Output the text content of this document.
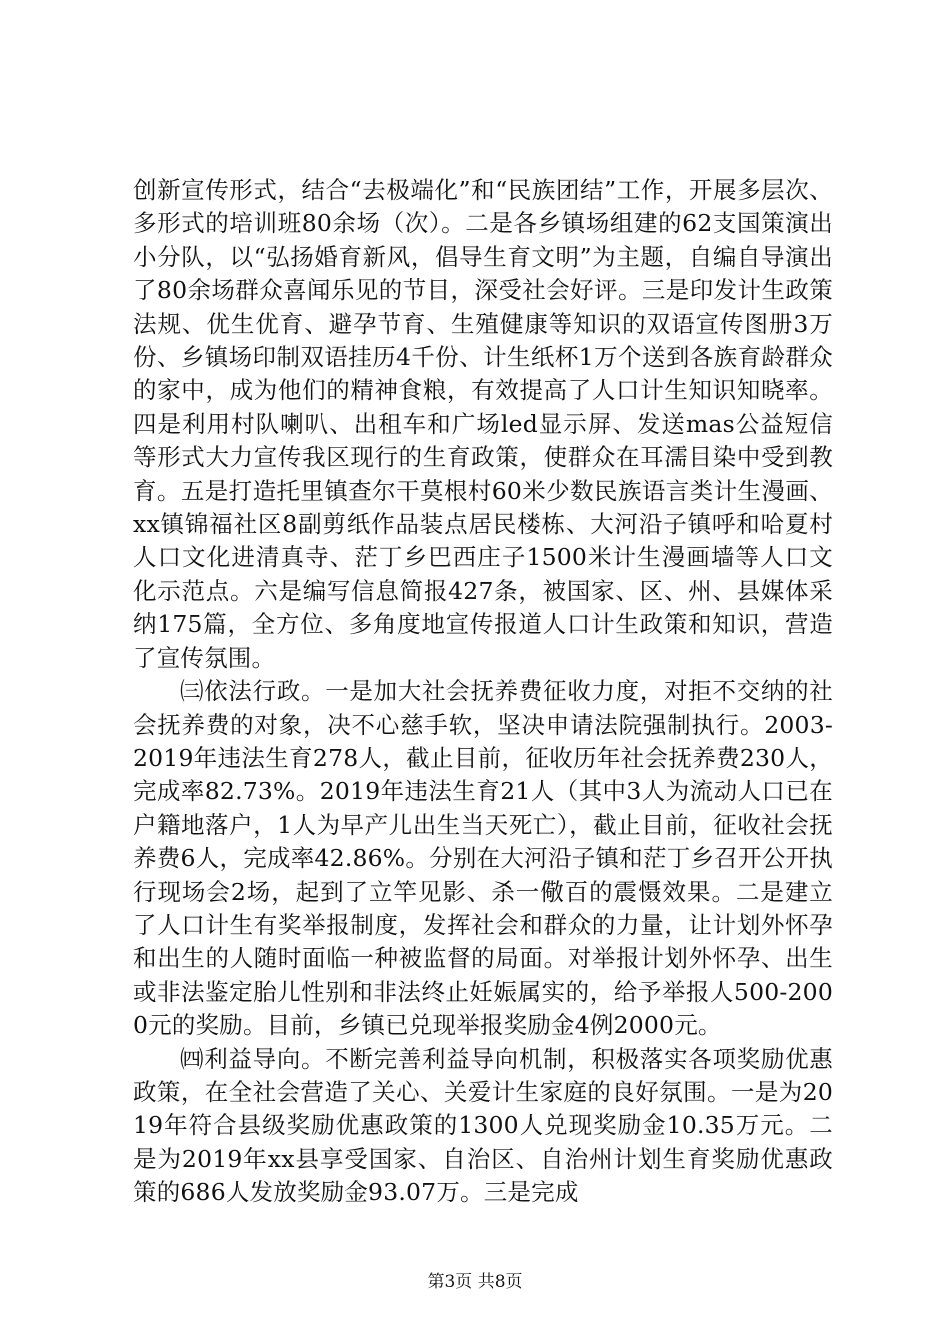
创新宣传形式，结合“去极端化”和“民族团结”工作，开展多层次、多形式的培训班80余场（次）。二是各乡镇场组建的62支国策演出小分队，以“弘扬婚育新风，倡导生育文明”为主题，自编自导演出了80余场群众喜闻乐见的节目，深受社会好评。三是印发计生政策法规、优生优育、避孕节育、生殖健康等知识的双语宣传图册3万份、乡镇场印制双语挂历4千份、计生纸杯1万个送到各族育龄群众的家中，成为他们的精神食粮，有效提高了人口计生知识知晓率。四是利用村队喇叭、出租车和广场led显示屏、发送mas公益短信等形式大力宣传我区现行的生育政策，使群众在耳濡目染中受到教育。五是打造托里镇查尔干莫根村60米少数民族语言类计生漫画、xx镇锦福社区8副剪纸作品装点居民楼栋、大河沿子镇呼和哈夏村人口文化进清真寺、茫丁乡巴西庄子1500米计生漫画墙等人口文化示范点。六是编写信息简报427条，被国家、区、州、县媒体采纳175篇，全方位、多角度地宣传报道人口计生政策和知识，营造了宣传氛围。

㈢依法行政。一是加大社会抚养费征收力度，对拒不交纳的社会抚养费的对象，决不心慈手软，坚决申请法院强制执行。2003-2019年违法生育278人，截止目前，征收历年社会抚养费230人，完成率82.73%。2019年违法生育21人（其中3人为流动人口已在户籍地落户，1人为早产儿出生当天死亡），截止目前，征收社会抚养费6人，完成率42.86%。分别在大河沿子镇和茫丁乡召开公开执行现场会2场，起到了立竿见影、杀一儆百的震慑效果。二是建立了人口计生有奖举报制度，发挥社会和群众的力量，让计划外怀孕和出生的人随时面临一种被监督的局面。对举报计划外怀孕、出生或非法鉴定胎儿性别和非法终止妊娠属实的，给予举报人500-2000元的奖励。目前，乡镇已兑现举报奖励金4例2000元。

㈣利益导向。不断完善利益导向机制，积极落实各项奖励优惠政策，在全社会营造了关心、关爱计生家庭的良好氛围。一是为2019年符合县级奖励优惠政策的1300人兑现奖励金10.35万元。二是为2019年xx县享受国家、自治区、自治州计划生育奖励优惠政策的686人发放奖励金93.07万。三是完成

第3页 共8页
